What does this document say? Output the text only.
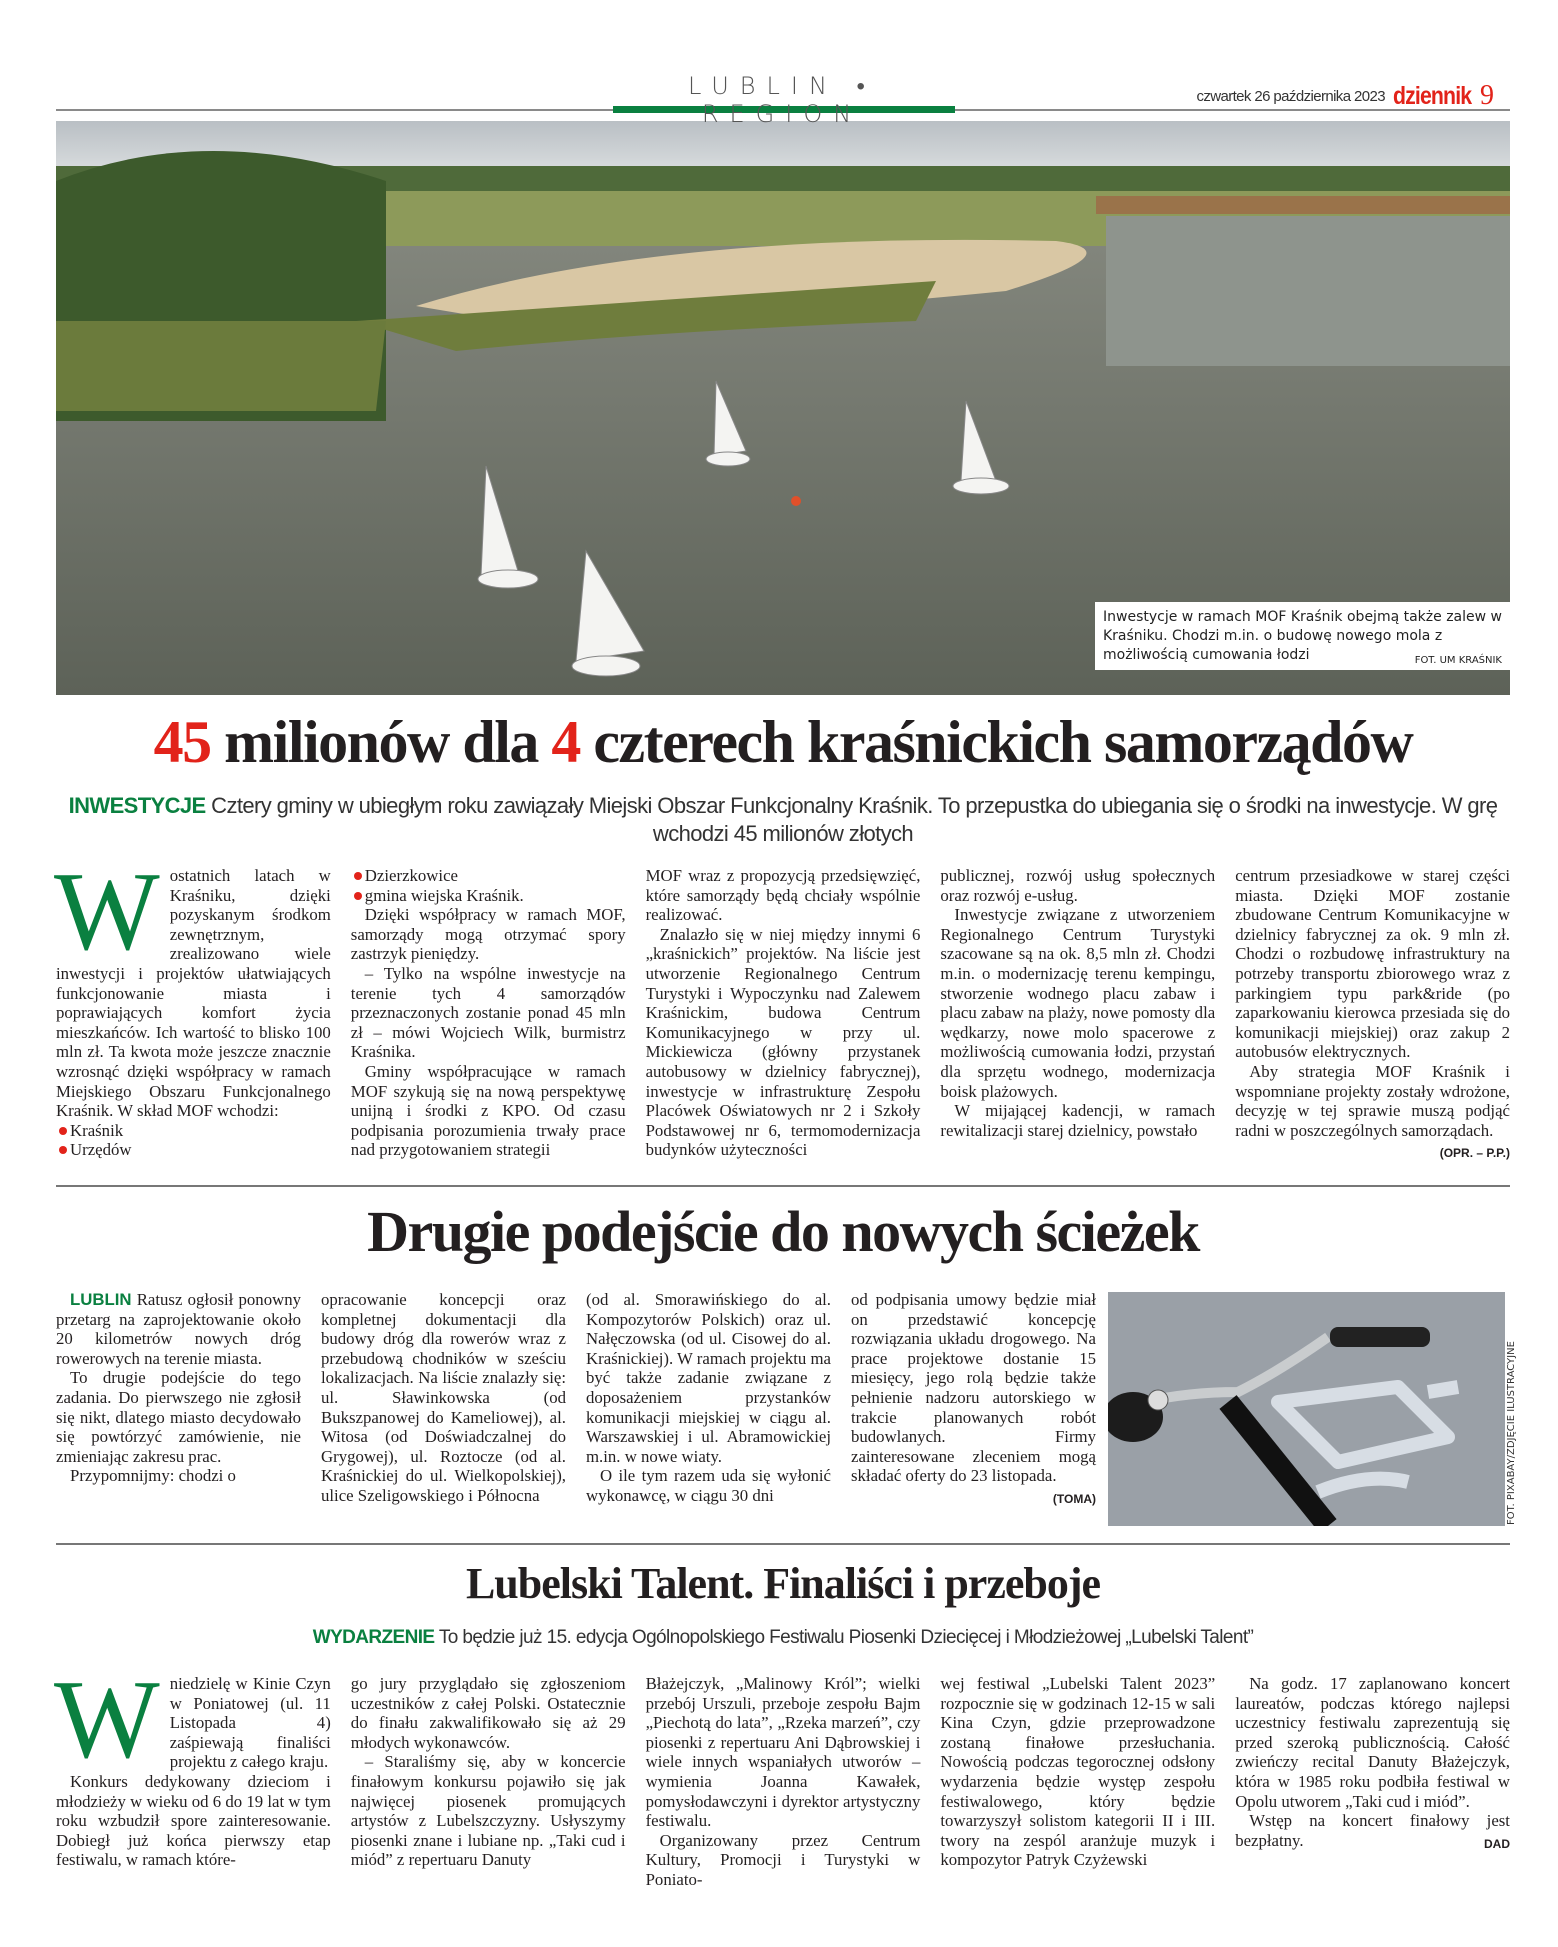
LUBLIN • REGION
czwartek 26 października 2023 dziennik 9
Inwestycje w ramach MOF Kraśnik obejmą także zalew w Kraśniku. Chodzi m.in. o budowę nowego mola z możliwością cumowania łodzi	FOT. UM KRAŚNIK
45 milionów dla 4 czterech kraśnickich samorządów
INWESTYCJE Cztery gminy w ubiegłym roku zawiązały Miejski Obszar Funkcjonalny Kraśnik. To przepustka do ubiegania się o środki na inwestycje. W grę wchodzi 45 milionów złotych

Wostatnich latach w Kraśniku, dzięki pozyskanym środkom zewnętrznym, zrealizowano wiele inwestycji i projektów ułatwiających funkcjonowanie miasta i poprawiających komfort życia mieszkańców. Ich wartość to blisko 100 mln zł. Ta kwota może jeszcze znacznie wzrosnąć dzięki współpracy w ramach Miejskiego Obszaru Funkcjonalnego Kraśnik. W skład MOF wchodzi:

Kraśnik
Urzędów
Dzierzkowice
gmina wiejska Kraśnik.

Dzięki współpracy w ramach MOF, samorządy mogą otrzymać spory zastrzyk pieniędzy.

– Tylko na wspólne inwestycje na terenie tych 4 samorządów przeznaczonych zostanie ponad 45 mln zł – mówi Wojciech Wilk, burmistrz Kraśnika.

Gminy współpracujące w ramach MOF szykują się na nową perspektywę unijną i środki z KPO. Od czasu podpisania porozumienia trwały prace nad przygotowaniem strategii

MOF wraz z propozycją przedsięwzięć, które samorządy będą chciały wspólnie realizować.

Znalazło się w niej między innymi 6 „kraśnickich” projektów. Na liście jest utworzenie Regionalnego Centrum Turystyki i Wypoczynku nad Zalewem Kraśnickim, budowa Centrum Komunikacyjnego w przy ul. Mickiewicza (główny przystanek autobusowy w dzielnicy fabrycznej), inwestycje w infrastrukturę Zespołu Placówek Oświatowych nr 2 i Szkoły Podstawowej nr 6, termomodernizacja budynków użyteczności

publicznej, rozwój usług społecznych oraz rozwój e-usług.

Inwestycje związane z utworzeniem Regionalnego Centrum Turystyki szacowane są na ok. 8,5 mln zł. Chodzi m.in. o modernizację terenu kempingu, stworzenie wodnego placu zabaw i placu zabaw na plaży, nowe pomosty dla wędkarzy, nowe molo spacerowe z możliwością cumowania łodzi, przystań dla sprzętu wodnego, modernizacja boisk plażowych.

W mijającej kadencji, w ramach rewitalizacji starej dzielnicy, powstało

centrum przesiadkowe w starej części miasta. Dzięki MOF zostanie zbudowane Centrum Komunikacyjne w dzielnicy fabrycznej za ok. 9 mln zł. Chodzi o rozbudowę infrastruktury na potrzeby transportu zbiorowego wraz z parkingiem typu park&ride (po zaparkowaniu kierowca przesiada się do komunikacji miejskiej) oraz zakup 2 autobusów elektrycznych.

Aby strategia MOF Kraśnik i wspomniane projekty zostały wdrożone, decyzję w tej sprawie muszą podjąć radni w poszczególnych samorządach.
(OPR. – P.P.)

Drugie podejście do nowych ścieżek

LUBLIN Ratusz ogłosił ponowny przetarg na zaprojektowanie około 20 kilometrów nowych dróg rowerowych na terenie miasta.

To drugie podejście do tego zadania. Do pierwszego nie zgłosił się nikt, dlatego miasto decydowało się powtórzyć zamówienie, nie zmieniając zakresu prac.

Przypomnijmy: chodzi o

opracowanie koncepcji oraz kompletnej dokumentacji dla budowy dróg dla rowerów wraz z przebudową chodników w sześciu lokalizacjach. Na liście znalazły się: ul. Sławinkowska (od Bukszpanowej do Kameliowej), al. Witosa (od Doświadczalnej do Grygowej), ul. Roztocze (od al. Kraśnickiej do ul. Wielkopolskiej), ulice Szeligowskiego i Północna

(od al. Smorawińskiego do al. Kompozytorów Polskich) oraz ul. Nałęczowska (od ul. Cisowej do al. Kraśnickiej). W ramach projektu ma być także zadanie związane z doposażeniem przystanków komunikacji miejskiej w ciągu al. Warszawskiej i ul. Abramowickiej m.in. w nowe wiaty.

O ile tym razem uda się wyłonić wykonawcę, w ciągu 30 dni

od podpisania umowy będzie miał on przedstawić koncepcję rozwiązania układu drogowego. Na prace projektowe dostanie 15 miesięcy, jego rolą będzie także pełnienie nadzoru autorskiego w trakcie planowanych robót budowlanych. Firmy zainteresowane zleceniem mogą składać oferty do 23 listopada.
(TOMA)	FOT. PIXABAY/ZDJĘCIE ILUSTRACYJNE
Lubelski Talent. Finaliści i przeboje
WYDARZENIE To będzie już 15. edycja Ogólnopolskiego Festiwalu Piosenki Dziecięcej i Młodzieżowej „Lubelski Talent”

Wniedzielę w Kinie Czyn w Poniatowej (ul. 11 Listopada 4) zaśpiewają finaliści projektu z całego kraju.

Konkurs dedykowany dzieciom i młodzieży w wieku od 6 do 19 lat w tym roku wzbudził spore zainteresowanie. Dobiegł już końca pierwszy etap festiwalu, w ramach które-

go jury przyglądało się zgłoszeniom uczestników z całej Polski. Ostatecznie do finału zakwalifikowało się aż 29 młodych wykonawców.

– Staraliśmy się, aby w koncercie finałowym konkursu pojawiło się jak najwięcej piosenek promujących artystów z Lubelszczyzny. Usłyszymy piosenki znane i lubiane np. „Taki cud i miód” z repertuaru Danuty

Błażejczyk, „Malinowy Król”; wielki przebój Urszuli, przeboje zespołu Bajm „Piechotą do lata”, „Rzeka marzeń”, czy piosenki z repertuaru Ani Dąbrowskiej i wiele innych wspaniałych utworów – wymienia Joanna Kawałek, pomysłodawczyni i dyrektor artystyczny festiwalu.

Organizowany przez Centrum Kultury, Promocji i Turystyki w Poniato-

wej festiwal „Lubelski Talent 2023” rozpocznie się w godzinach 12-15 w sali Kina Czyn, gdzie przeprowadzone zostaną finałowe przesłuchania. Nowością podczas tegorocznej odsłony wydarzenia będzie występ zespołu festiwalowego, który będzie towarzyszył solistom kategorii II i III. twory na zespól aranżuje muzyk i kompozytor Patryk Czyżewski

Na godz. 17 zaplanowano koncert laureatów, podczas którego najlepsi uczestnicy festiwalu zaprezentują się przed szeroką publicznością. Całość zwieńczy recital Danuty Błażejczyk, która w 1985 roku podbiła festiwal w Opolu utworem „Taki cud i miód”.

Wstęp na koncert finałowy jest bezpłatny.	DAD
